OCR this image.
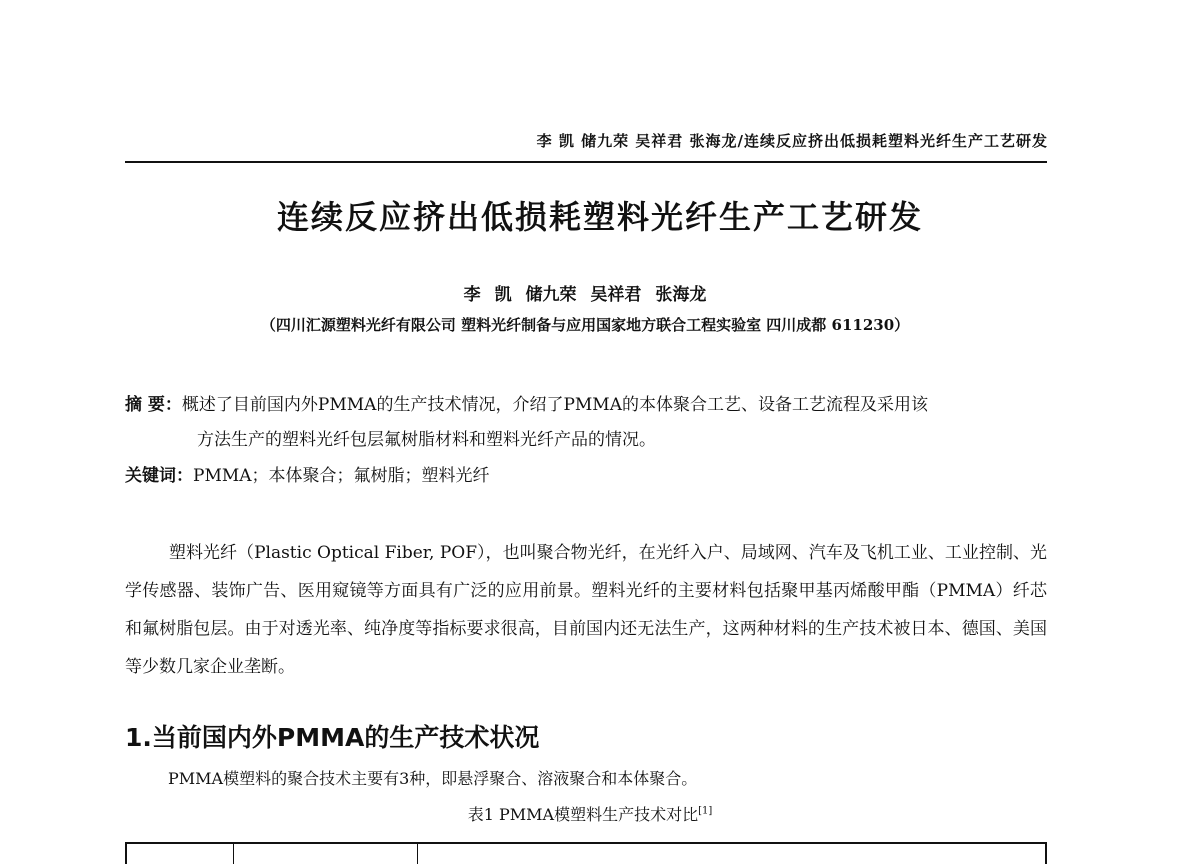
李 凯 储九荣 吴祥君 张海龙/连续反应挤出低损耗塑料光纤生产工艺研发
连续反应挤出低损耗塑料光纤生产工艺研发
李 凯 储九荣 吴祥君 张海龙
（四川汇源塑料光纤有限公司 塑料光纤制备与应用国家地方联合工程实验室 四川成都 611230）
摘 要：概述了目前国内外PMMA的生产技术情况，介绍了PMMA的本体聚合工艺、设备工艺流程及采用该
方法生产的塑料光纤包层氟树脂材料和塑料光纤产品的情况。
关键词：PMMA；本体聚合；氟树脂；塑料光纤
塑料光纤（Plastic Optical Fiber, POF），也叫聚合物光纤，在光纤入户、局域网、汽车及飞机工业、工业控制、光学传感器、装饰广告、医用窥镜等方面具有广泛的应用前景。塑料光纤的主要材料包括聚甲基丙烯酸甲酯（PMMA）纤芯和氟树脂包层。由于对透光率、纯净度等指标要求很高，目前国内还无法生产，这两种材料的生产技术被日本、德国、美国等少数几家企业垄断。
1.当前国内外PMMA的生产技术状况
PMMA模塑料的聚合技术主要有3种，即悬浮聚合、溶液聚合和本体聚合。
表1 PMMA模塑料生产技术对比[1]
